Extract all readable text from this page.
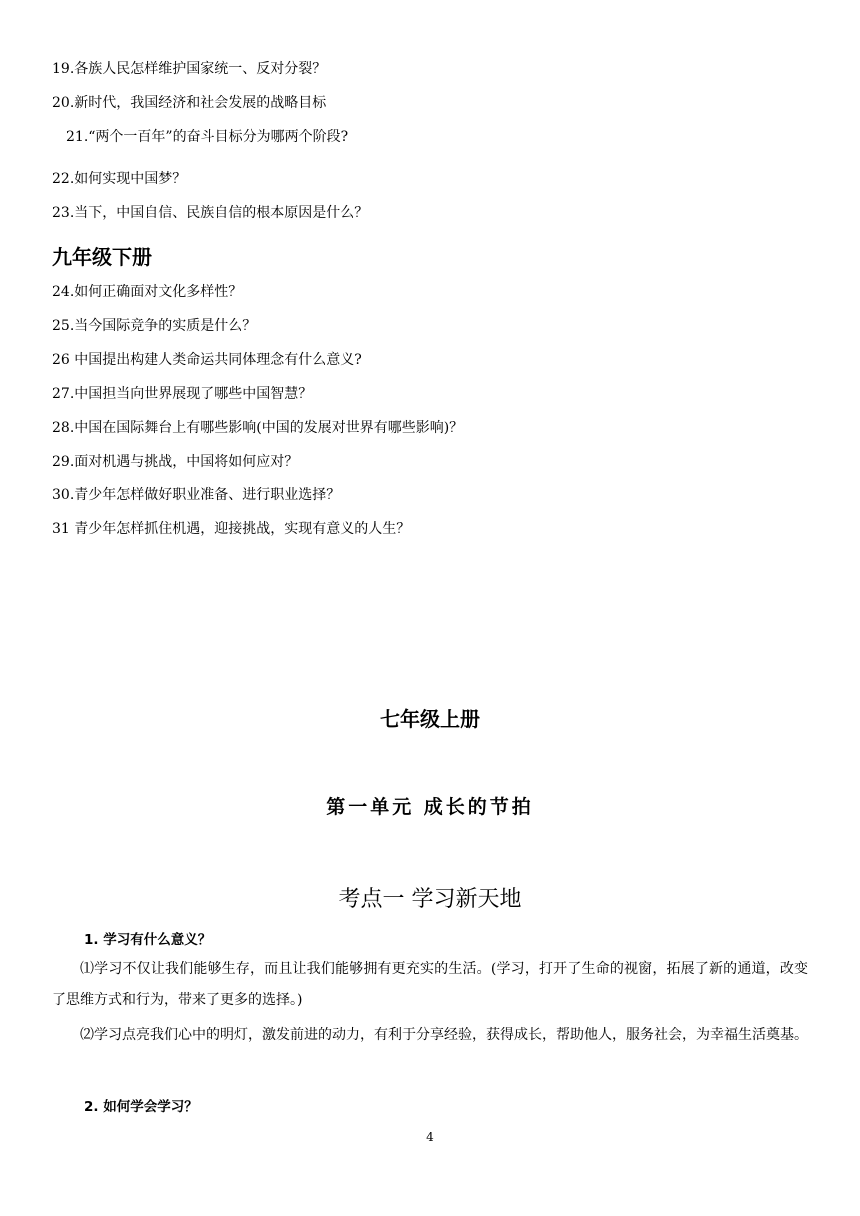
19.各族人民怎样维护国家统一、反对分裂？
20.新时代，我国经济和社会发展的战略目标
21.“两个一百年”的奋斗目标分为哪两个阶段?
22.如何实现中国梦？
23.当下，中国自信、民族自信的根本原因是什么？
九年级下册
24.如何正确面对文化多样性？
25.当今国际竞争的实质是什么？
26 中国提出构建人类命运共同体理念有什么意义?
27.中国担当向世界展现了哪些中国智慧？
28.中国在国际舞台上有哪些影响(中国的发展对世界有哪些影响)？
29.面对机遇与挑战，中国将如何应对？
30.青少年怎样做好职业准备、进行职业选择？
31 青少年怎样抓住机遇，迎接挑战，实现有意义的人生？
七年级上册
第一单元 成长的节拍
考点一 学习新天地
1. 学习有什么意义？
⑴学习不仅让我们能够生存，而且让我们能够拥有更充实的生活。(学习，打开了生命的视窗，拓展了新的通道，改变了思维方式和行为，带来了更多的选择。)
⑵学习点亮我们心中的明灯，激发前进的动力，有利于分享经验，获得成长，帮助他人，服务社会，为幸福生活奠基。
2. 如何学会学习？
4
